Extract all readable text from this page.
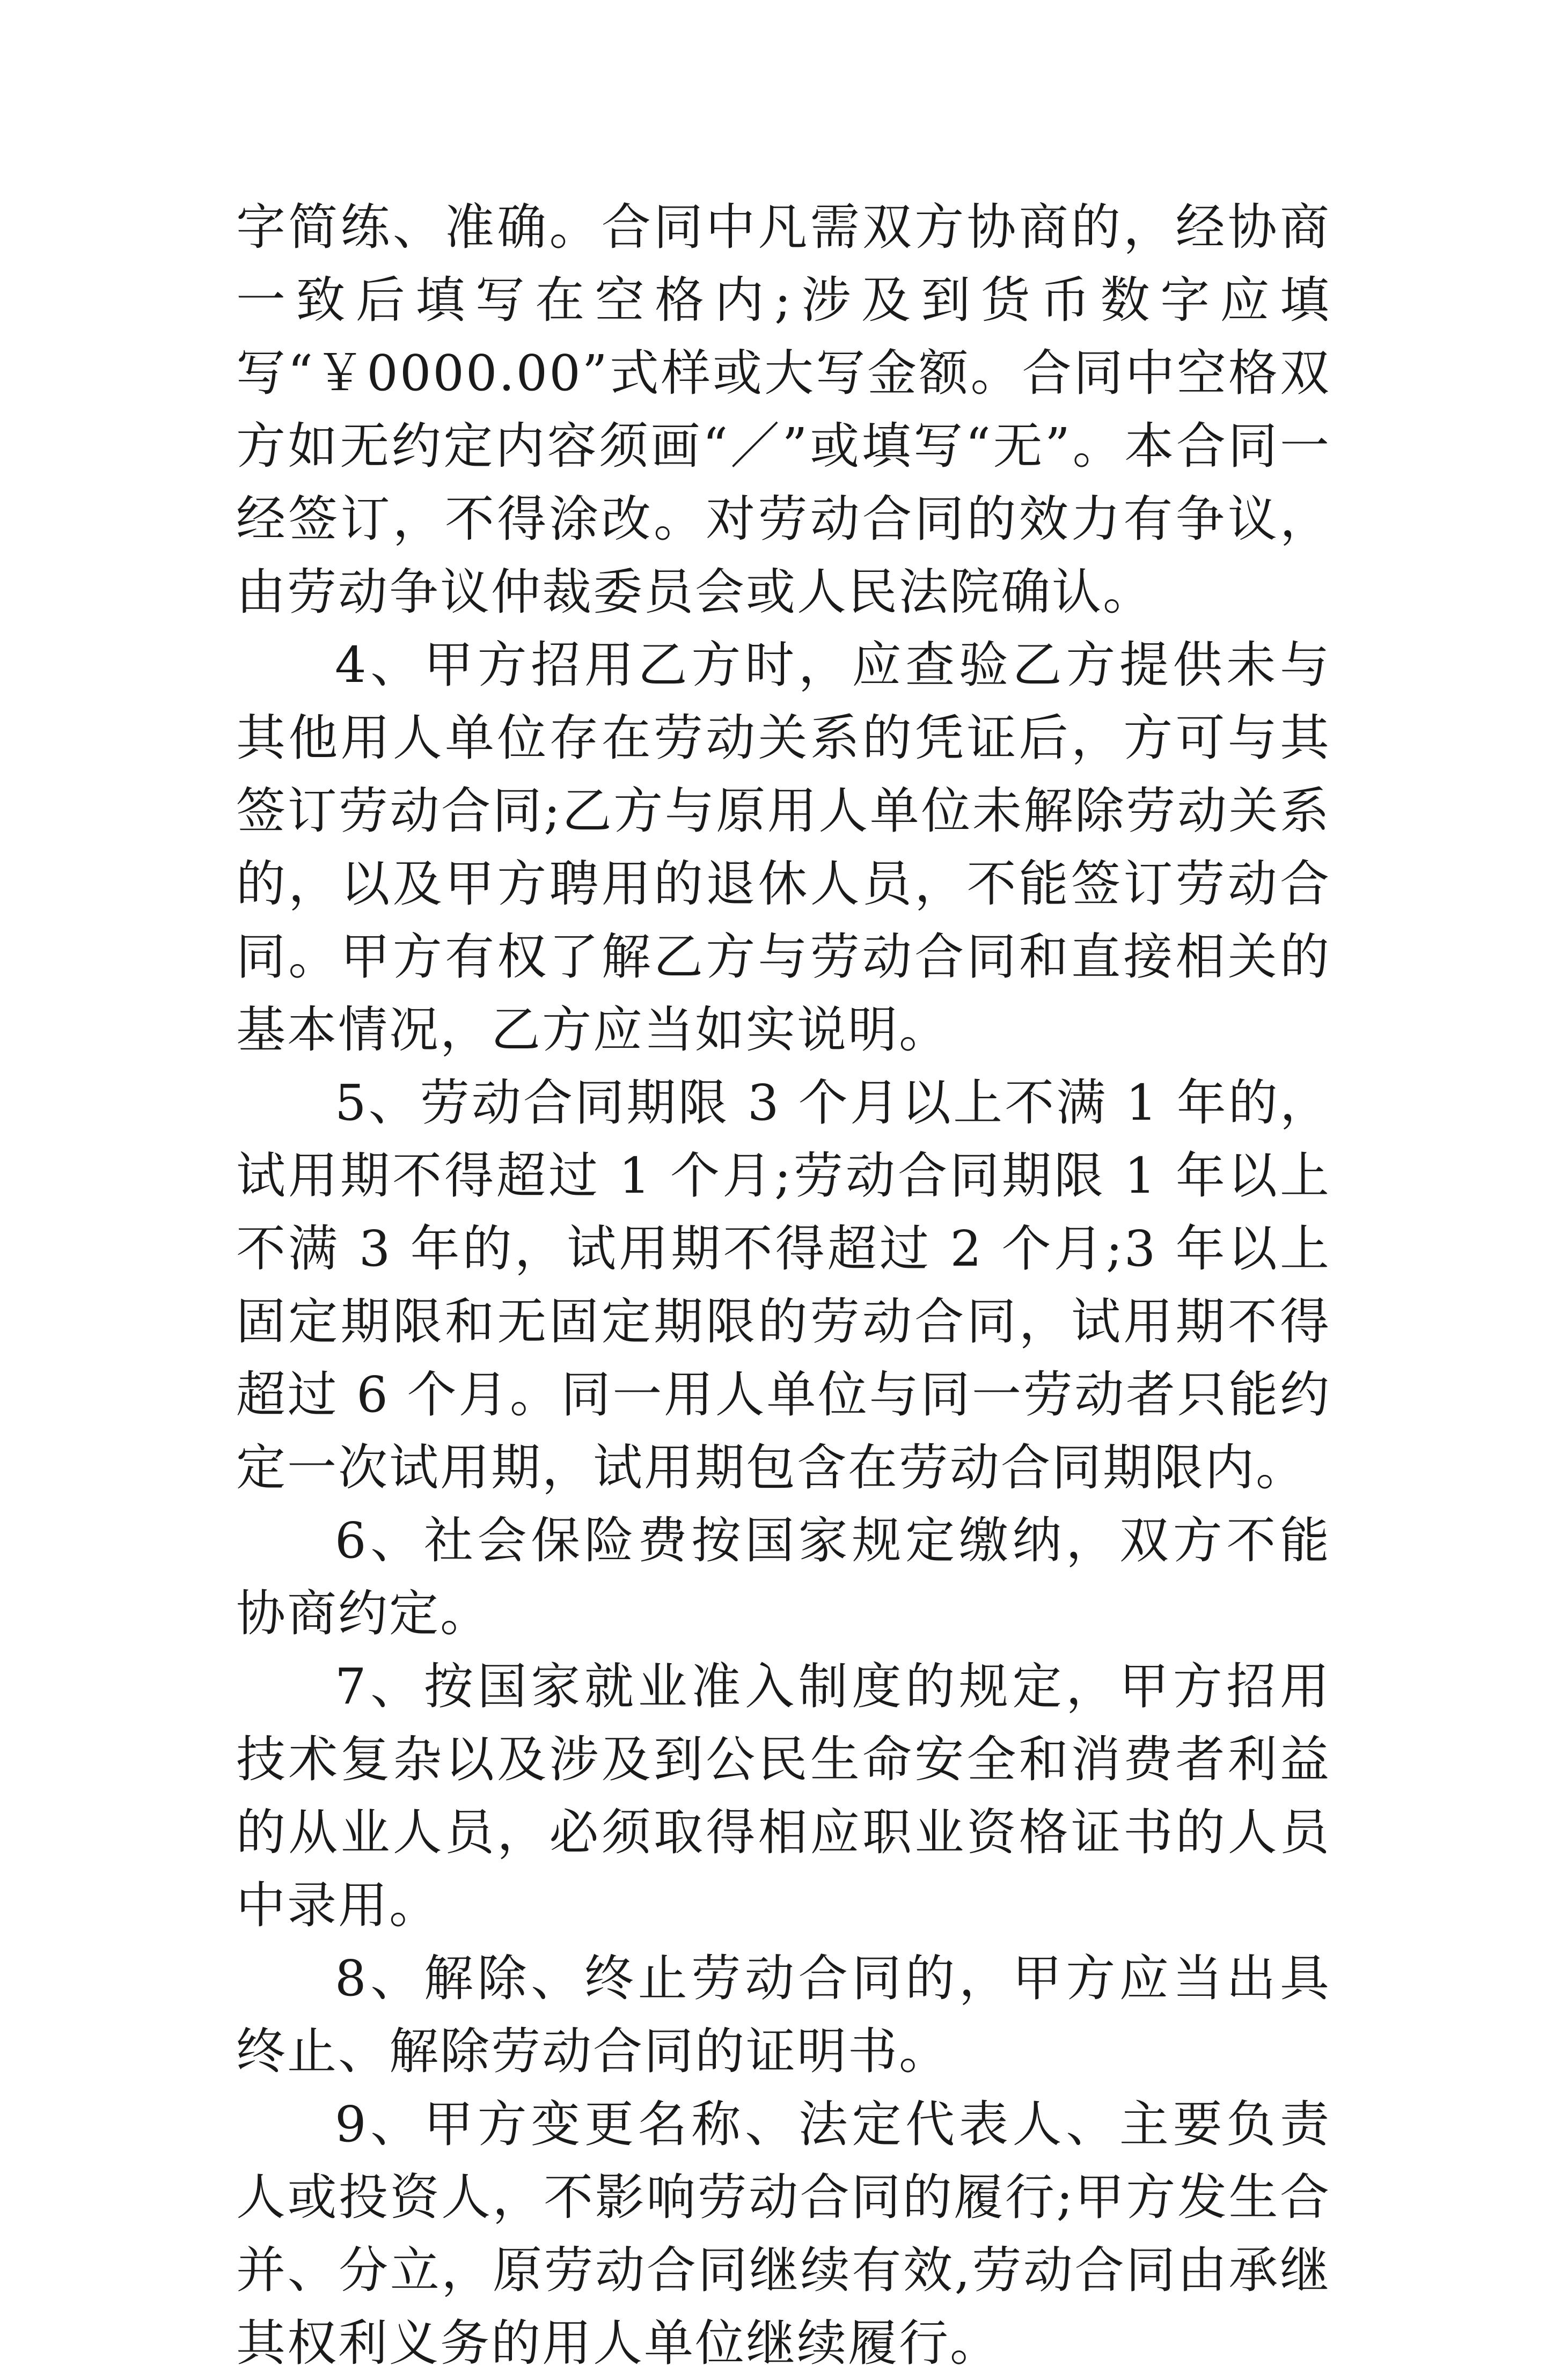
字简练、准确。合同中凡需双方协商的，经协商一致后填写在空格内;涉及到货币数字应填写“￥0000.00”式样或大写金额。合同中空格双方如无约定内容须画“／”或填写“无”。本合同一经签订，不得涂改。对劳动合同的效力有争议，由劳动争议仲裁委员会或人民法院确认。

4、甲方招用乙方时，应查验乙方提供未与其他用人单位存在劳动关系的凭证后，方可与其签订劳动合同;乙方与原用人单位未解除劳动关系的，以及甲方聘用的退休人员，不能签订劳动合同。甲方有权了解乙方与劳动合同和直接相关的基本情况，乙方应当如实说明。

5、劳动合同期限 3 个月以上不满 1 年的，试用期不得超过 1 个月;劳动合同期限 1 年以上不满 3 年的，试用期不得超过 2 个月;3 年以上固定期限和无固定期限的劳动合同，试用期不得超过 6 个月。同一用人单位与同一劳动者只能约定一次试用期，试用期包含在劳动合同期限内。

6、社会保险费按国家规定缴纳，双方不能协商约定。

7、按国家就业准入制度的规定，甲方招用技术复杂以及涉及到公民生命安全和消费者利益的从业人员，必须取得相应职业资格证书的人员中录用。

8、解除、终止劳动合同的，甲方应当出具终止、解除劳动合同的证明书。

9、甲方变更名称、法定代表人、主要负责人或投资人，不影响劳动合同的履行;甲方发生合并、分立，原劳动合同继续有效,劳动合同由承继其权利义务的用人单位继续履行。
